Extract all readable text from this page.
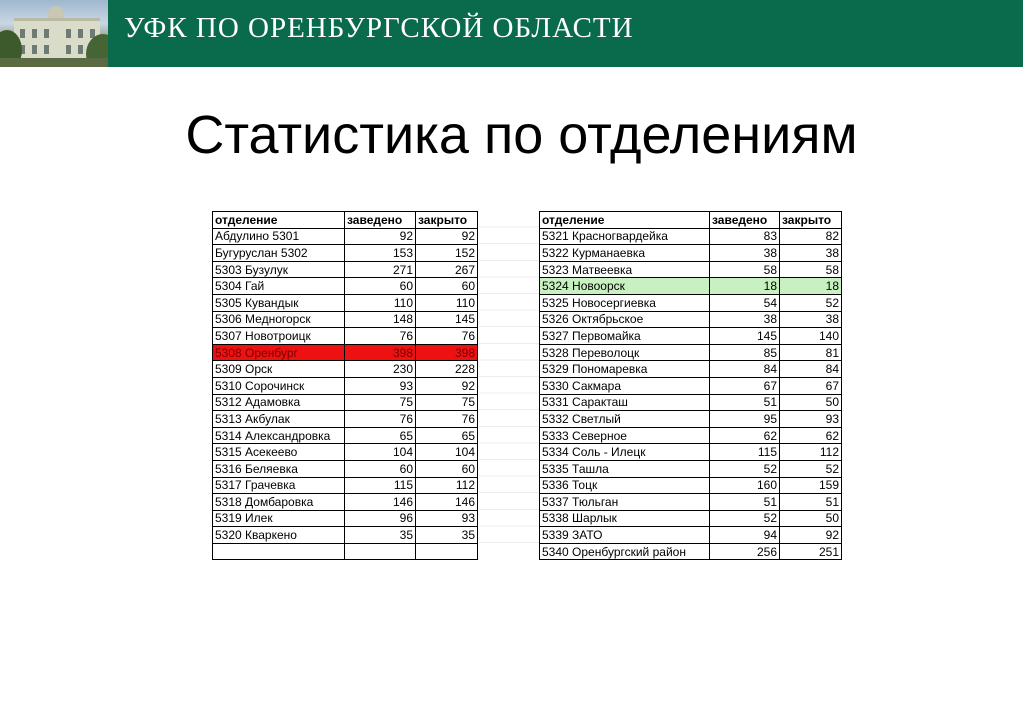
УФК ПО ОРЕНБУРГСКОЙ ОБЛАСТИ
Статистика по отделениям
отделение	заведено	закрыто
Абдулино 5301	92	92
Бугуруслан 5302	153	152
5303 Бузулук	271	267
5304 Гай	60	60
5305 Кувандык	110	110
5306 Медногорск	148	145
5307 Новотроицк	76	76
5308 Оренбург	398	398
5309 Орск	230	228
5310 Сорочинск	93	92
5312 Адамовка	75	75
5313 Акбулак	76	76
5314 Александровка	65	65
5315 Асекеево	104	104
5316 Беляевка	60	60
5317 Грачевка	115	112
5318 Домбаровка	146	146
5319 Илек	96	93
5320 Кваркено	35	35

отделение	заведено	закрыто
5321 Красногвардейка	83	82
5322 Курманаевка	38	38
5323 Матвеевка	58	58
5324 Новоорск	18	18
5325 Новосергиевка	54	52
5326 Октябрьское	38	38
5327 Первомайка	145	140
5328 Переволоцк	85	81
5329 Пономаревка	84	84
5330 Сакмара	67	67
5331 Саракташ	51	50
5332 Светлый	95	93
5333 Северное	62	62
5334 Соль - Илецк	115	112
5335 Ташла	52	52
5336 Тоцк	160	159
5337 Тюльган	51	51
5338 Шарлык	52	50
5339 ЗАТО	94	92
5340 Оренбургский район	256	251
